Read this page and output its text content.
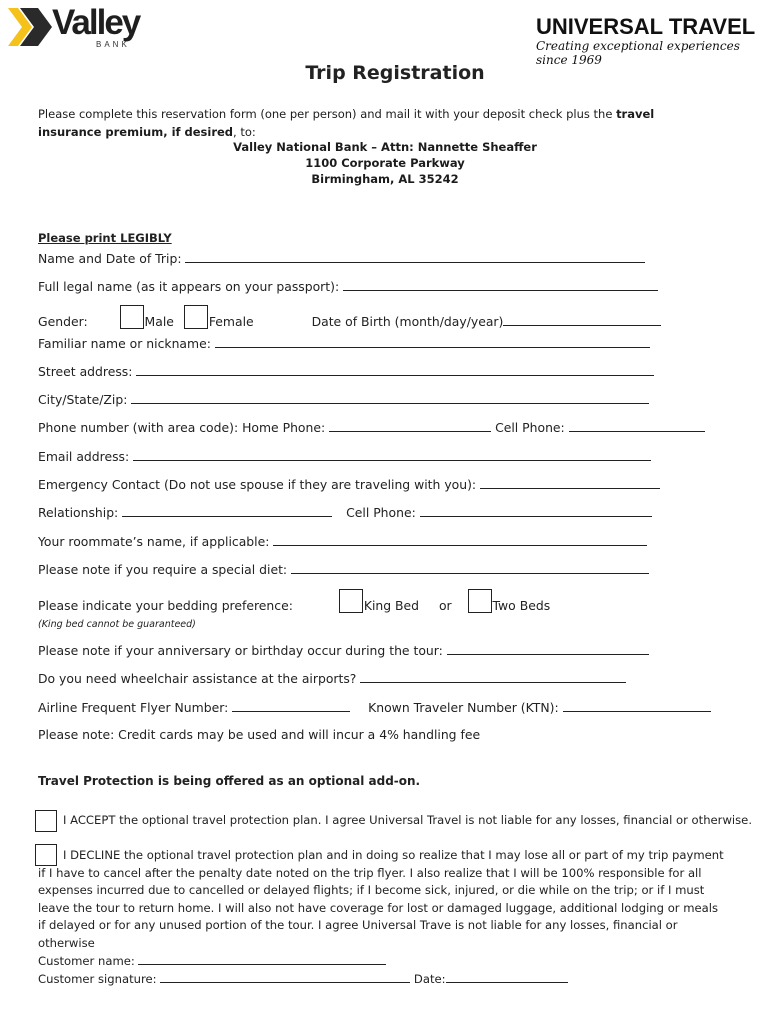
Valley
BANK
UNIVERSAL TRAVEL
Creating exceptional experiences since 1969
Trip Registration
Please complete this reservation form (one per person) and mail it with your deposit check plus the travel insurance premium, if desired, to:
Valley National Bank – Attn: Nannette Sheaffer
1100 Corporate Parkway
Birmingham, AL 35242
Please print LEGIBLY
Name and Date of Trip:
Full legal name (as it appears on your passport):
Gender:	Male	Female	Date of Birth (month/day/year)
Familiar name or nickname:
Street address:
City/State/Zip:
Phone number (with area code): Home Phone:	Cell Phone:
Email address:
Emergency Contact (Do not use spouse if they are traveling with you):
Relationship:	Cell Phone:
Your roommate’s name, if applicable:
Please note if you require a special diet:
Please indicate your bedding preference:	King Bed or	Two Beds
(King bed cannot be guaranteed)
Please note if your anniversary or birthday occur during the tour:
Do you need wheelchair assistance at the airports?
Airline Frequent Flyer Number:	Known Traveler Number (KTN):
Please note: Credit cards may be used and will incur a 4% handling fee
Travel Protection is being offered as an optional add-on.
I ACCEPT the optional travel protection plan. I agree Universal Travel is not liable for any losses, financial or otherwise.
I DECLINE the optional travel protection plan and in doing so realize that I may lose all or part of my trip payment if I have to cancel after the penalty date noted on the trip flyer. I also realize that I will be 100% responsible for all expenses incurred due to cancelled or delayed flights; if I become sick, injured, or die while on the trip; or if I must leave the tour to return home. I will also not have coverage for lost or damaged luggage, additional lodging or meals if delayed or for any unused portion of the tour. I agree Universal Trave is not liable for any losses, financial or otherwise
Customer name:
Customer signature:	Date:
